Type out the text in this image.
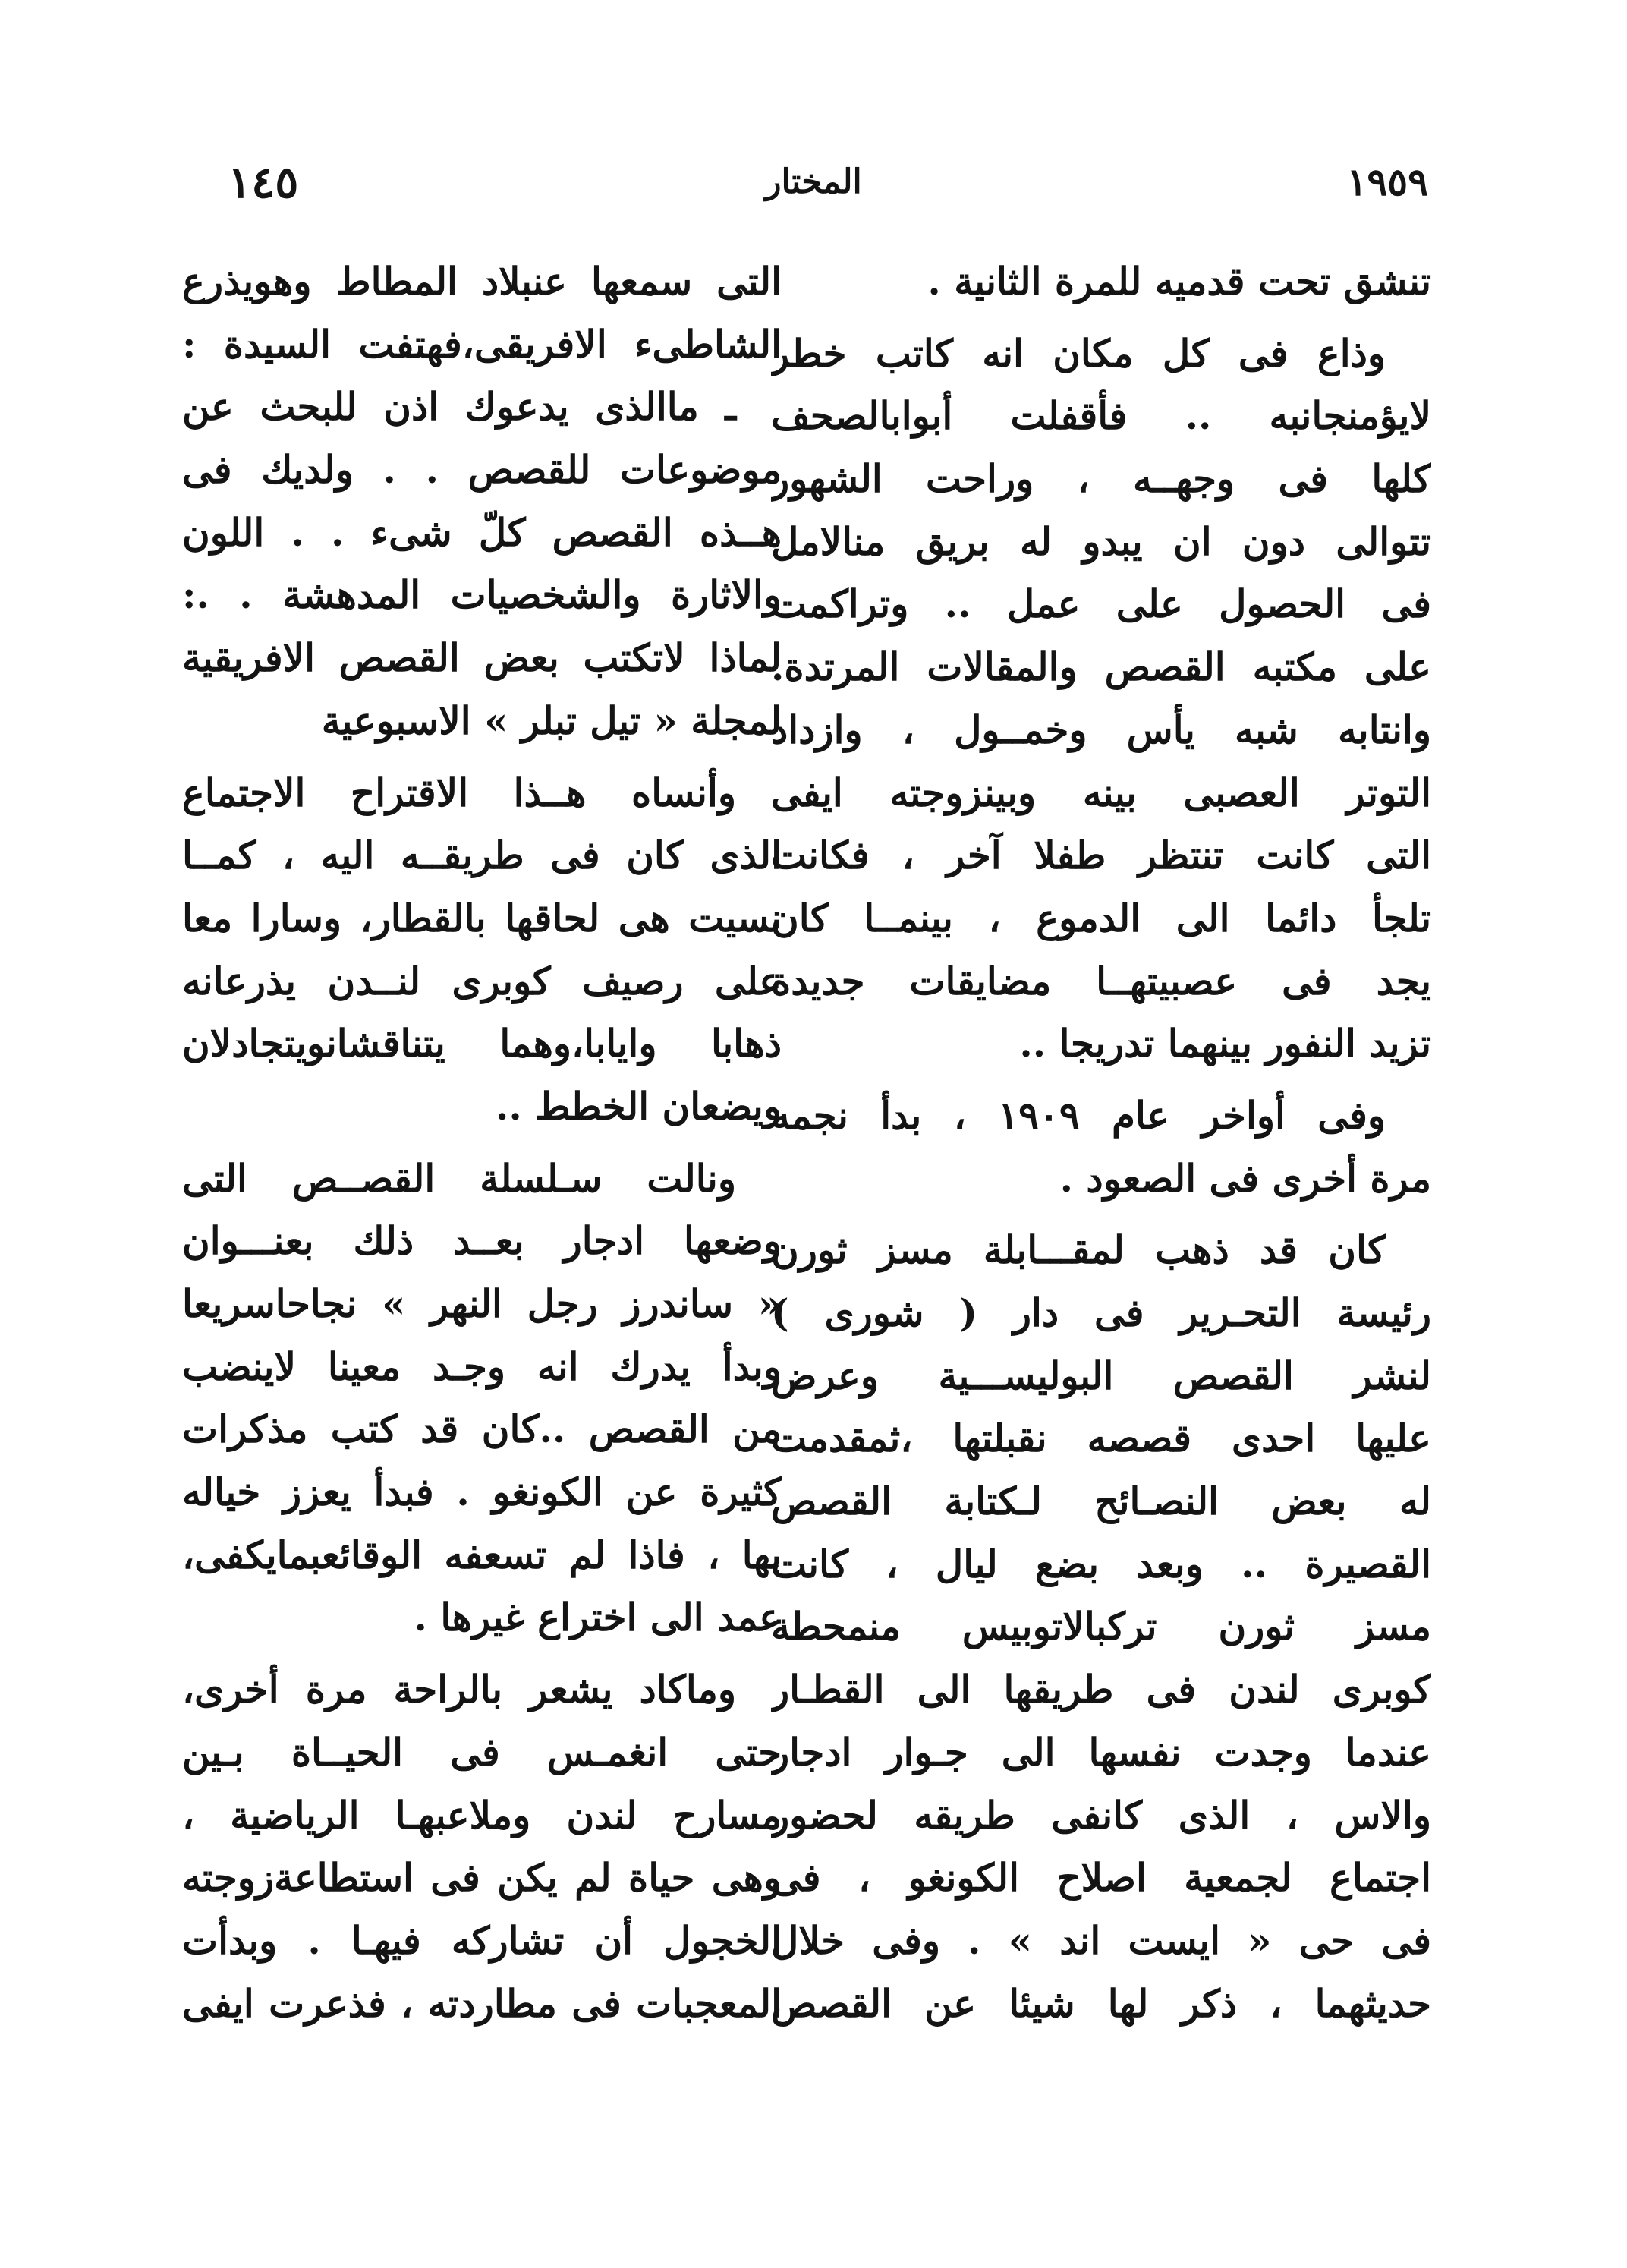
١٩٥٩
المختار
١٤٥
تنشق تحت قدميه للمرة الثانية .
وذاع فى كل مكان انه كاتب خطر
لايؤمنجانبه .. فأقفلت أبوابالصحف
كلها فى وجهــه ، وراحت الشهور
تتوالى دون ان يبدو له بريق منالامل
فى الحصول على عمل .. وتراكمت
على مكتبه القصص والمقالات المرتدة.
وانتابه شبه يأس وخمــول ، وازداد
التوتر العصبى بينه وبينزوجته ايفى
التى كانت تنتظر طفلا آخر ، فكانت
تلجأ دائما الى الدموع ، بينمــا كان
يجد فى عصبيتهــا مضايقات جديدة
تزيد النفور بينهما تدريجا ..
وفى أواخر عام ١٩٠٩ ، بدأ نجمه
مرة أخرى فى الصعود .
كان قد ذهب لمقـــابلة مسز ثورن
رئيسة التحـرير فى دار ( شورى )
لنشر القصص البوليســـية وعرض
عليها احدى قصصه نقبلتها ،ثمقدمت
له بعض النصـائح لـكتابة القصص
القصيرة .. وبعد بضع ليال ، كانت
مسز ثورن تركبالاتوبيس منمحطة
كوبرى لندن فى طريقها الى القطـار
عندما وجدت نفسها الى جـوار ادجار
والاس ، الذى كانفى طريقه لحضور
اجتماع لجمعية اصلاح الكونغو ، فى
فى حى « ايست اند » . وفى خلال
حديثهما ، ذكر لها شيئا عن القصص
التى سمعها عنبلاد المطاط وهويذرع
الشاطىء الافريقى،فهتفت السيدة :
ـ ماالذى يدعوك اذن للبحث عن
موضوعات للقصص . . ولديك فى
هــذه القصص كلّ شىء . . اللون
والاثارة والشخصيات المدهشة . .:
لماذا لاتكتب بعض القصص الافريقية
لمجلة « تيل تبلر » الاسبوعية
وأنساه هــذا الاقتراح الاجتماع
الذى كان فى طريقــه اليه ، كمــا
نسيت هى لحاقها بالقطار، وسارا معا
على رصيف كوبرى لنــدن يذرعانه
ذهابا وايابا،وهما يتناقشانويتجادلان
ويضعان الخطط ..
ونالت سـلسلة القصــص التى
وضعها ادجار بعــد ذلك بعنـــوان
« ساندرز رجل النهر » نجاحاسريعا
وبدأ يدرك انه وجـد معينا لاينضب
من القصص ..كان قد كتب مذكرات
كثيرة عن الكونغو . فبدأ يعزز خياله
بها ، فاذا لم تسعفه الوقائعبمايكفى،
عمد الى اختراع غيرها .
وماكاد يشعر بالراحة مرة أخرى،
حتى انغمـس فى الحيــاة بـين
مسارح لندن وملاعبهـا الرياضية ،
وهى حياة لم يكن فى استطاعةزوجته
الخجول أن تشاركه فيهـا . وبدأت
المعجبات فى مطاردته ، فذعرت ايفى
